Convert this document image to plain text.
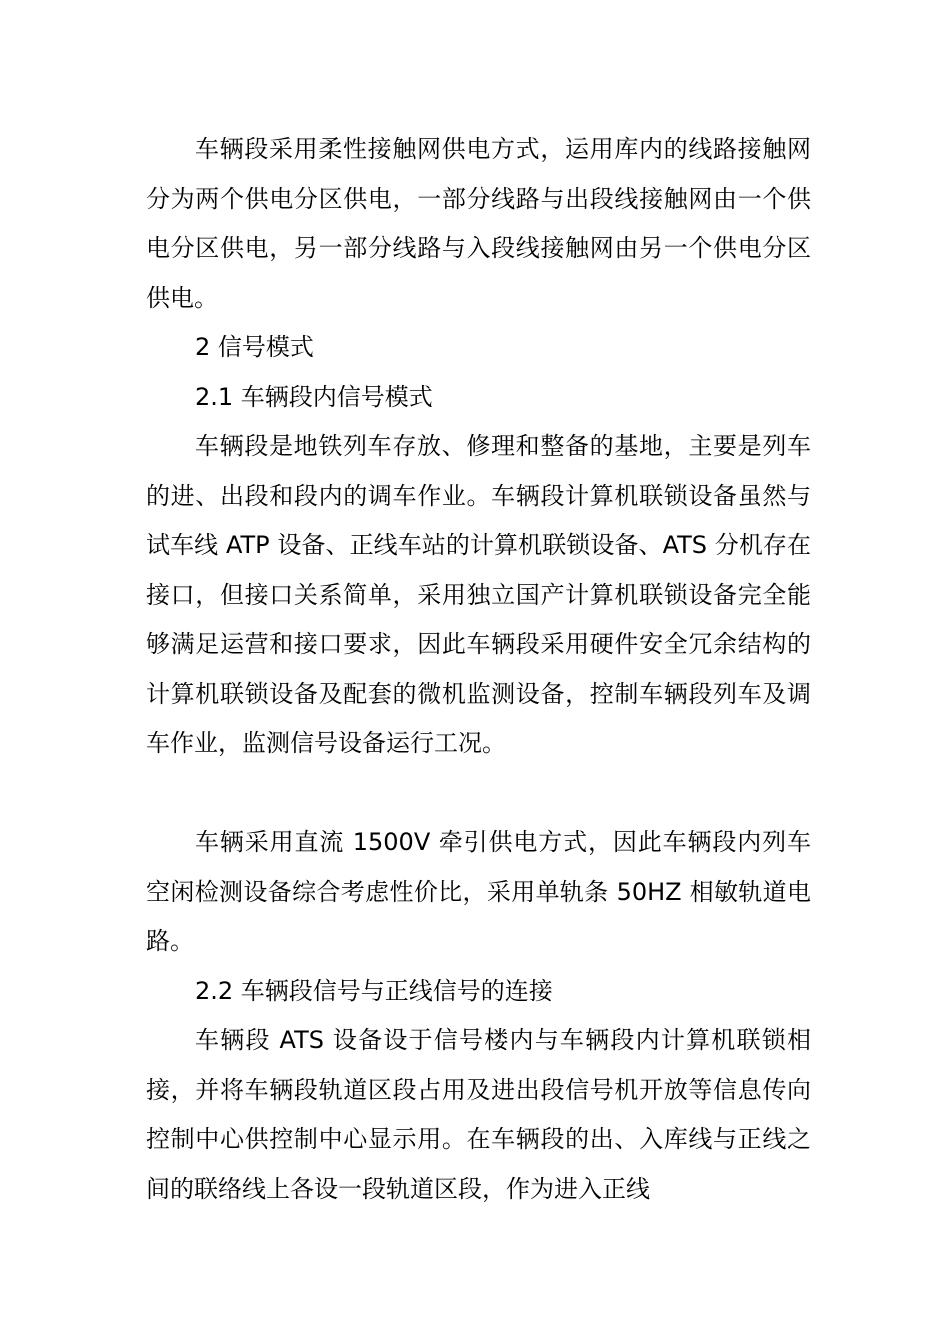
车辆段采用柔性接触网供电方式，运用库内的线路接触网分为两个供电分区供电，一部分线路与出段线接触网由一个供电分区供电，另一部分线路与入段线接触网由另一个供电分区供电。

2 信号模式

2.1 车辆段内信号模式

车辆段是地铁列车存放、修理和整备的基地，主要是列车的进、出段和段内的调车作业。车辆段计算机联锁设备虽然与试车线 ATP 设备、正线车站的计算机联锁设备、ATS 分机存在接口，但接口关系简单，采用独立国产计算机联锁设备完全能够满足运营和接口要求，因此车辆段采用硬件安全冗余结构的计算机联锁设备及配套的微机监测设备，控制车辆段列车及调车作业，监测信号设备运行工况。

车辆采用直流 1500V 牵引供电方式，因此车辆段内列车空闲检测设备综合考虑性价比，采用单轨条 50HZ 相敏轨道电路。

2.2 车辆段信号与正线信号的连接

车辆段 ATS 设备设于信号楼内与车辆段内计算机联锁相接，并将车辆段轨道区段占用及进出段信号机开放等信息传向控制中心供控制中心显示用。在车辆段的出、入库线与正线之间的联络线上各设一段轨道区段，作为进入正线
